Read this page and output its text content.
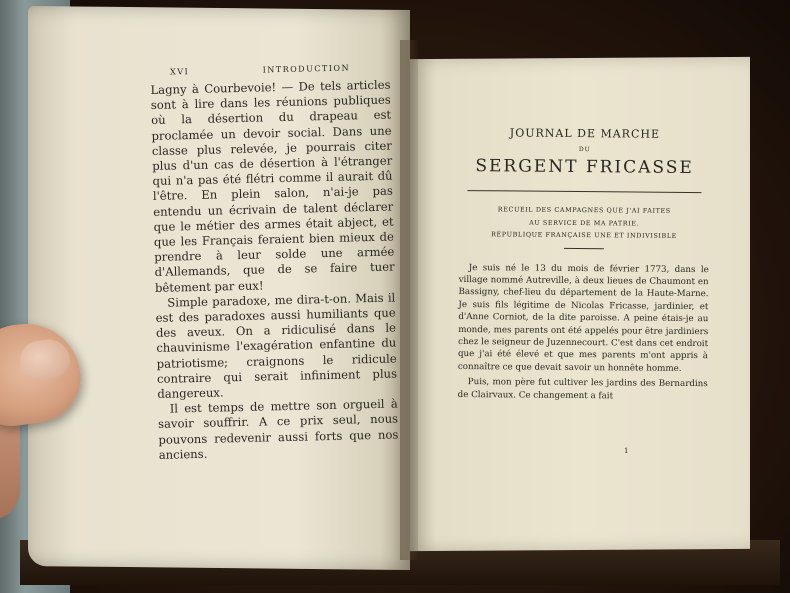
XVI	INTRODUCTION

Lagny à Courbevoie! — De tels articles sont à lire dans les réunions publiques où la désertion du drapeau est proclamée un devoir social. Dans une classe plus relevée, je pourrais citer plus d'un cas de désertion à l'étranger qui n'a pas été flétri comme il aurait dû l'être. En plein salon, n'ai-je pas entendu un écrivain de talent déclarer que le métier des armes était abject, et que les Français feraient bien mieux de prendre à leur solde une armée d'Allemands, que de se faire tuer bêtement par eux!

Simple paradoxe, me dira-t-on. Mais il est des paradoxes aussi humiliants que des aveux. On a ridiculisé dans le chauvinisme l'exagération enfantine du patriotisme; craignons le ridicule contraire qui serait infiniment plus dangereux.

Il est temps de mettre son orgueil à savoir souffrir. A ce prix seul, nous pouvons redevenir aussi forts que nos anciens.

JOURNAL DE MARCHE

DU

SERGENT FRICASSE

RECUEIL DES CAMPAGNES QUE J'AI FAITES

AU SERVICE DE MA PATRIE.

RÉPUBLIQUE FRANÇAISE UNE ET INDIVISIBLE

Je suis né le 13 du mois de février 1773, dans le village nommé Autreville, à deux lieues de Chaumont en Bassigny, chef-lieu du département de la Haute-Marne. Je suis fils légitime de Nicolas Fricasse, jardinier, et d'Anne Corniot, de la dite paroisse. A peine étais-je au monde, mes parents ont été appelés pour être jardiniers chez le seigneur de Juzennecourt. C'est dans cet endroit que j'ai été élevé et que mes parents m'ont appris à connaître ce que devait savoir un honnête homme.

Puis, mon père fut cultiver les jardins des Bernardins de Clairvaux. Ce changement a fait

1
